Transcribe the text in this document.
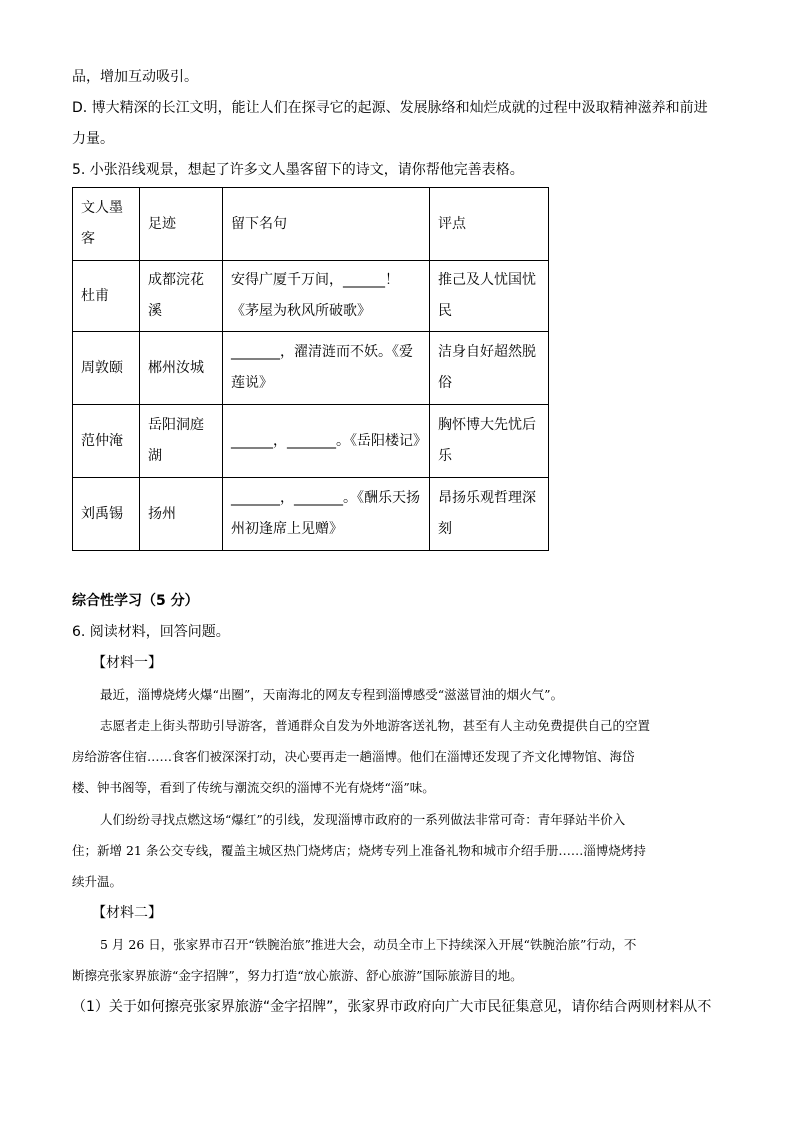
品，增加互动吸引。
D. 博大精深的长江文明，能让人们在探寻它的起源、发展脉络和灿烂成就的过程中汲取精神滋养和前进
力量。
5. 小张沿线观景，想起了许多文人墨客留下的诗文，请你帮他完善表格。
文人墨客	足迹	留下名句	评点
杜甫	成都浣花溪	安得广厦千万间，______！《茅屋为秋风所破歌》	推己及人忧国忧民
周敦颐	郴州汝城	_______，濯清涟而不妖。《爱莲说》	洁身自好超然脱俗
范仲淹	岳阳洞庭湖	______，_______。《岳阳楼记》	胸怀博大先忧后乐
刘禹锡	扬州	_______，_______。《酬乐天扬州初逢席上见赠》	昂扬乐观哲理深刻
综合性学习（5 分）
6. 阅读材料，回答问题。
【材料一】
最近，淄博烧烤火爆“出圈”，天南海北的网友专程到淄博感受“滋滋冒油的烟火气”。
志愿者走上街头帮助引导游客，普通群众自发为外地游客送礼物，甚至有人主动免费提供自己的空置
房给游客住宿……食客们被深深打动，决心要再走一趟淄博。他们在淄博还发现了齐文化博物馆、海岱
楼、钟书阁等，看到了传统与潮流交织的淄博不光有烧烤“淄”味。
人们纷纷寻找点燃这场“爆红”的引线，发现淄博市政府的一系列做法非常可奇：青年驿站半价入
住；新增 21 条公交专线，覆盖主城区热门烧烤店；烧烤专列上准备礼物和城市介绍手册……淄博烧烤持
续升温。
【材料二】
5 月 26 日，张家界市召开“铁腕治旅”推进大会，动员全市上下持续深入开展“铁腕治旅”行动，不
断擦亮张家界旅游“金字招牌”，努力打造“放心旅游、舒心旅游”国际旅游目的地。
（1）关于如何擦亮张家界旅游“金字招牌”，张家界市政府向广大市民征集意见，请你结合两则材料从不
